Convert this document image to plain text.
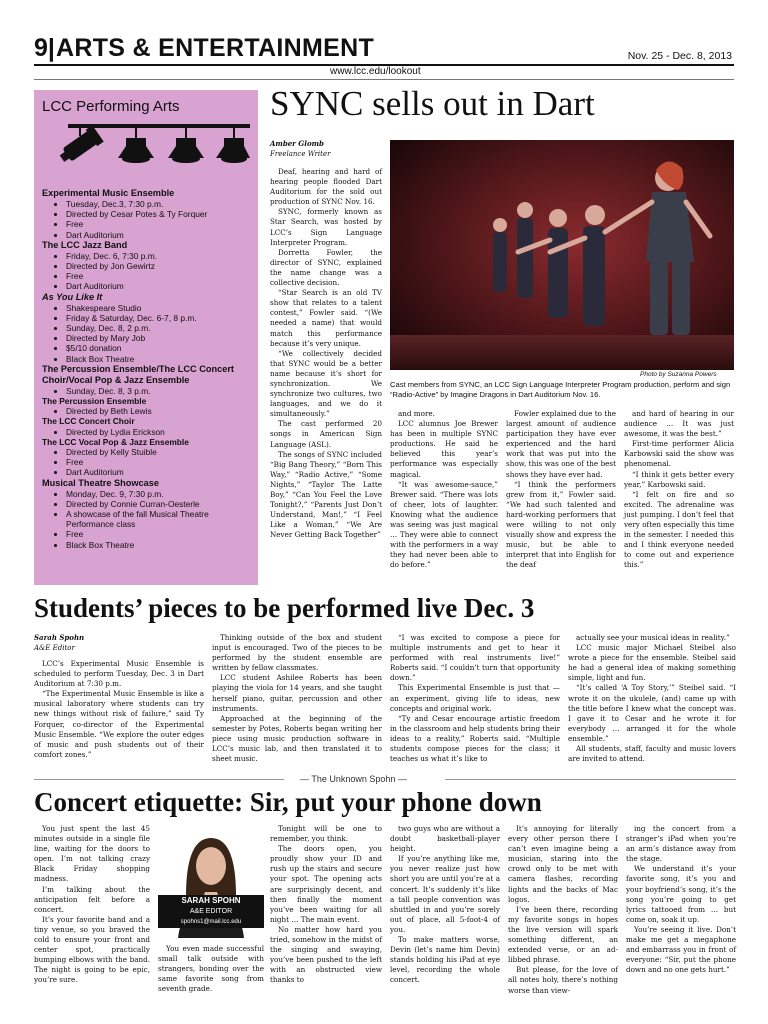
9| ARTS & ENTERTAINMENT	Nov. 25 - Dec. 8, 2013
www.lcc.edu/lookout
LCC Performing Arts
Experimental Music Ensemble
• Tuesday, Dec.3, 7:30 p.m.
• Directed by Cesar Potes & Ty Forquer
• Free
• Dart Auditorium
The LCC Jazz Band
• Friday, Dec. 6, 7:30 p.m.
• Directed by Jon Gewirtz
• Free
• Dart Auditorium
As You Like It
• Shakespeare Studio
• Friday & Saturday, Dec. 6-7, 8 p.m.
• Sunday, Dec. 8, 2 p.m.
• Directed by Mary Job
• $5/10 donation
• Black Box Theatre
The Percussion Ensemble/The LCC Concert Choir/Vocal Pop & Jazz Ensemble
• Sunday, Dec. 8, 3 p.m.
The Percussion Ensemble
• Directed by Beth Lewis
The LCC Concert Choir
• Directed by Lydia Erickson
The LCC Vocal Pop & Jazz Ensemble
• Directed by Kelly Stuible
• Free
• Dart Auditorium
Musical Theatre Showcase
• Monday, Dec. 9, 7:30 p.m.
• Directed by Connie Curran-Oesterle
• A showcase of the fall Musical Theatre Performance class
• Free
• Black Box Theatre
SYNC sells out in Dart
Amber Glomb
Freelance Writer

Deaf, hearing and hard of hearing people flooded Dart Auditorium for the sold out production of SYNC Nov. 16.

SYNC, formerly known as Star Search, was hosted by LCC’s Sign Language Interpreter Program.

Dorretta Fowler, the director of SYNC, explained the name change was a collective decision.

“Star Search is an old TV show that relates to a talent contest,” Fowler said. “(We needed a name) that would match this performance because it’s very unique.

“We collectively decided that SYNC would be a better name because it’s short for synchronization. We synchronize two cultures, two languages, and we do it simultaneously.”

The cast performed 20 songs in American Sign Language (ASL).

The songs of SYNC included “Big Bang Theory,” “Born This Way,” “Radio Active,” “Some Nights,” “Taylor The Latte Boy,” “Can You Feel the Love Tonight?,” “Parents Just Don’t Understand, Man!,” “I Feel Like a Woman,” “We Are Never Getting Back Together”

Photo by Suzanna Powers
Cast members from SYNC, an LCC Sign Language Interpreter Program production, perform and sign “Radio-Active” by Imagine Dragons in Dart Auditorium Nov. 16.

and more.

LCC alumnus Joe Brewer has been in multiple SYNC productions. He said he believed this year’s performance was especially magical.

“It was awesome-sauce,” Brewer said. “There was lots of cheer, lots of laughter. Knowing what the audience was seeing was just magical … They were able to connect with the performers in a way they had never been able to do before.”

Fowler explained due to the largest amount of audience participation they have ever experienced and the hard work that was put into the show, this was one of the best shows they have ever had.

“I think the performers grew from it,” Fowler said. “We had such talented and hard-working performers that were willing to not only visually show and express the music, but be able to interpret that into English for the deaf

and hard of hearing in our audience … It was just awesome, it was the best.”

First-time performer Alicia Karbowski said the show was phenomenal.

“I think it gets better every year,” Karbowski said.

“I felt on fire and so excited. The adrenaline was just pumping. I don’t feel that very often especially this time in the semester. I needed this and I think everyone needed to come out and experience this.”

Students’ pieces to be performed live Dec. 3
Sarah Spohn
A&E Editor

LCC’s Experimental Music Ensemble is scheduled to perform Tuesday, Dec. 3 in Dart Auditorium at 7:30 p.m.

“The Experimental Music Ensemble is like a musical laboratory where students can try new things without risk of failure,” said Ty Forquer, co-director of the Experimental Music Ensemble. “We explore the outer edges of music and push students out of their comfort zones.”

Thinking outside of the box and student input is encouraged. Two of the pieces to be performed by the student ensemble are written by fellow classmates.

LCC student Ashilee Roberts has been playing the viola for 14 years, and she taught herself piano, guitar, percussion and other instruments.

Approached at the beginning of the semester by Potes, Roberts began writing her piece using music production software in LCC’s music lab, and then translated it to sheet music.

“I was excited to compose a piece for multiple instruments and get to hear it performed with real instruments live!” Roberts said. “I couldn’t turn that opportunity down.”

This Experimental Ensemble is just that — an experiment, giving life to ideas, new concepts and original work.

“Ty and Cesar encourage artistic freedom in the classroom and help students bring their ideas to a reality,” Roberts said. “Multiple students compose pieces for the class; it teaches us what it’s like to

actually see your musical ideas in reality.”

LCC music major Michael Steibel also wrote a piece for the ensemble. Steibel said he had a general idea of making something simple, light and fun.

“It’s called ‘A Toy Story,’” Steibel said. “I wrote it on the ukulele, (and) came up with the title before I knew what the concept was. I gave it to Cesar and he wrote it for everybody … arranged it for the whole ensemble.”

All students, staff, faculty and music lovers are invited to attend.

— The Unknown Spohn —
Concert etiquette: Sir, put your phone down

You just spent the last 45 minutes outside in a single file line, waiting for the doors to open. I’m not talking crazy Black Friday shopping madness.

I’m talking about the anticipation felt before a concert.

It’s your favorite band and a tiny venue, so you braved the cold to ensure your front and center spot, practically bumping elbows with the band. The night is going to be epic, you’re sure.

SARAH SPOHN
A&E EDITOR
spohns1@mail.lcc.edu

You even made successful small talk outside with strangers, bonding over the same favorite song from seventh grade.

Tonight will be one to remember, you think.

The doors open, you proudly show your ID and rush up the stairs and secure your spot. The opening acts are surprisingly decent, and then finally the moment you’ve been waiting for all night … The main event.

No matter how hard you tried, somehow in the midst of the singing and swaying, you’ve been pushed to the left with an obstructed view thanks to

two guys who are without a doubt basketball-player height.

If you’re anything like me, you never realize just how short you are until you’re at a concert. It’s suddenly it’s like a tall people convention was shuttled in and you’re sorely out of place, all 5-foot-4 of you.

To make matters worse, Devin (let’s name him Devin) stands holding his iPad at eye level, recording the whole concert.

It’s annoying for literally every other person there I can’t even imagine being a musician, staring into the crowd only to be met with camera flashes, recording lights and the backs of Mac logos.

I’ve been there, recording my favorite songs in hopes the live version will spark something different, an extended verse, or an ad-libbed phrase.

But please, for the love of all notes holy, there’s nothing worse than view-

ing the concert from a stranger’s iPad when you’re an arm’s distance away from the stage.

We understand it’s your favorite song, it’s you and your boyfriend’s song, it’s the song you’re going to get lyrics tattooed from … but come on, soak it up.

You’re seeing it live. Don’t make me get a megaphone and embarrass you in front of everyone: “Sir, put the phone down and no one gets hurt.”
